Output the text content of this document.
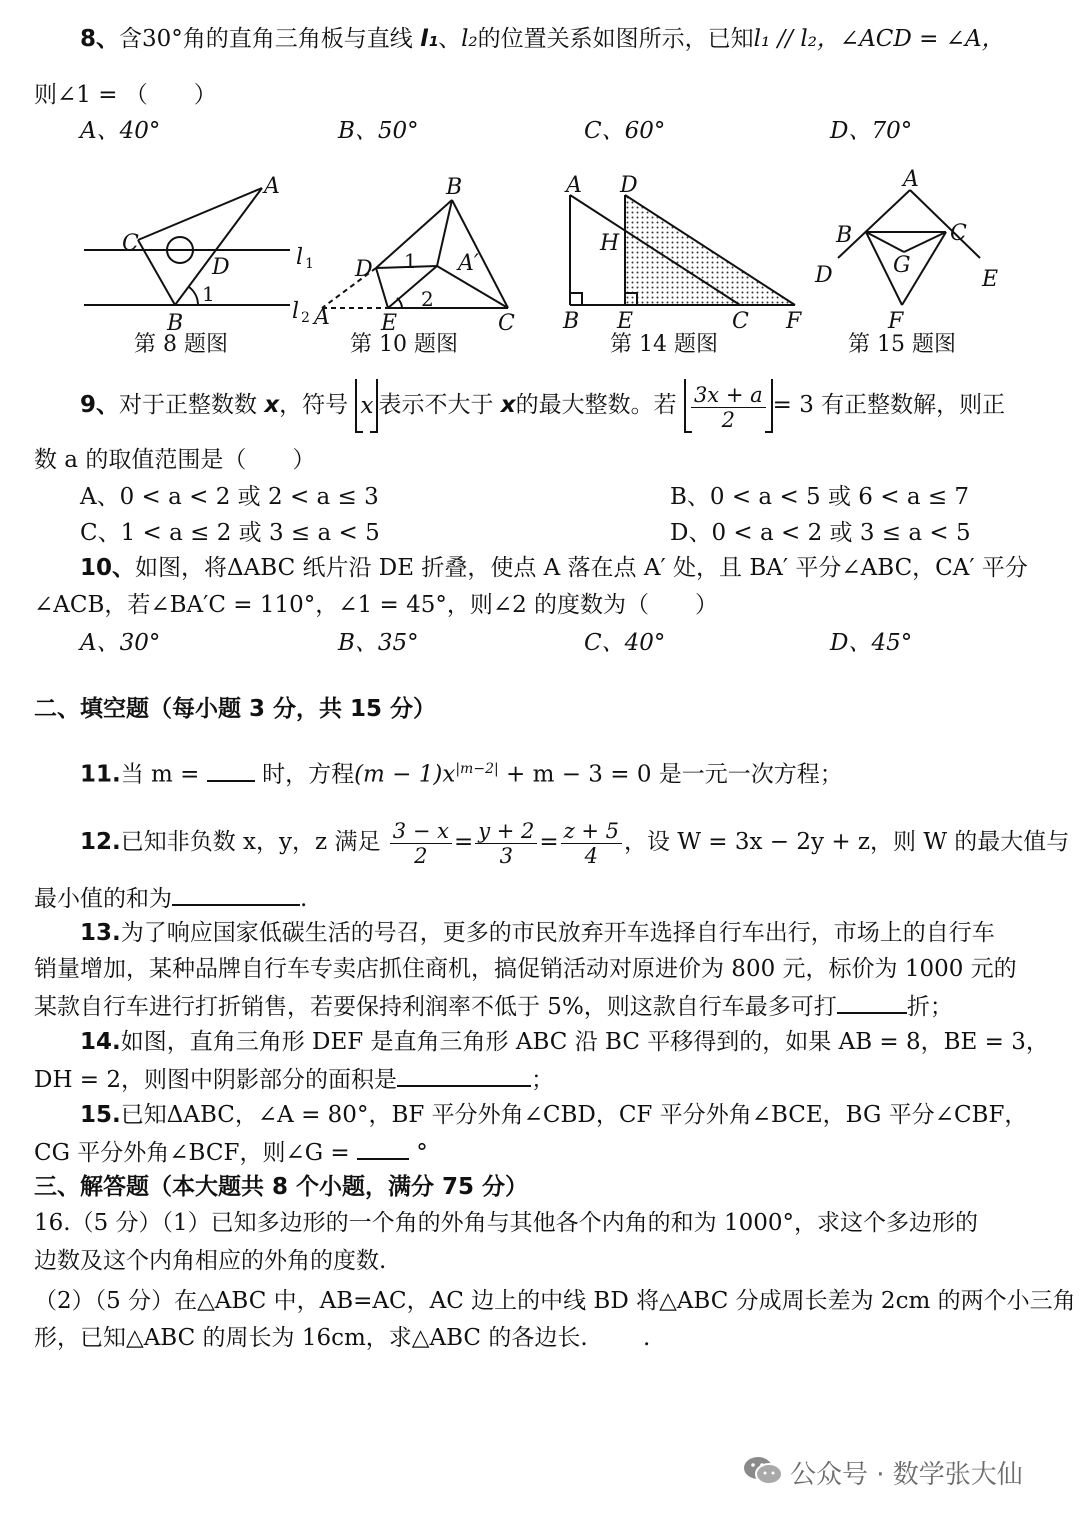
8、含30°角的直角三角板与直线 l₁、l₂的位置关系如图所示，已知l₁ // l₂，∠ACD = ∠A，
则∠1 = （　　）
A、40°	B、50°	C、60°	D、70°
A
C
D
1
B
l 1
l 2
B
D 1 A′
2
A E	C
A D
H
B E	C F
A
B	C
G
D	E
F
第 8 题图	第 10 题图	第 14 题图	第 15 题图
9、对于正整数数 x，符号 x 表示不大于 x的最大整数。若 $\frac{3x + a}{2} = 3$ 有正整数解，则正
数 a 的取值范围是（　　）
A、0 < a < 2 或 2 < a ≤ 3	B、0 < a < 5 或 6 < a ≤ 7
C、1 < a ≤ 2 或 3 ≤ a < 5	D、0 < a < 2 或 3 ≤ a < 5
10、如图，将ΔABC 纸片沿 DE 折叠，使点 A 落在点 A′ 处，且 BA′ 平分∠ABC，CA′ 平分
∠ACB，若∠BA′C = 110°，∠1 = 45°，则∠2 的度数为（　　）
A、30°	B、35°	C、40°	D、45°
二、填空题（每小题 3 分，共 15 分）
11.当 m =	时，方程$(m - 1)x^{|m-2|} + m - 3 = 0$ 是一元一次方程；
12.已知非负数 x，y，z 满足 $\frac{3 - x}{2} = \frac{y + 2}{3} = \frac{z + 5}{4}$ ，设 W = 3x − 2y + z，则 W 的最大值与
最小值的和为	.
13.为了响应国家低碳生活的号召，更多的市民放弃开车选择自行车出行，市场上的自行车
销量增加，某种品牌自行车专卖店抓住商机，搞促销活动对原进价为 800 元，标价为 1000 元的
某款自行车进行打折销售，若要保持利润率不低于 5%，则这款自行车最多可打	折；
14.如图，直角三角形 DEF 是直角三角形 ABC 沿 BC 平移得到的，如果 AB = 8，BE = 3，
DH = 2，则图中阴影部分的面积是	；
15.已知ΔABC，∠A = 80°，BF 平分外角∠CBD，CF 平分外角∠BCE，BG 平分∠CBF，
CG 平分外角∠BCF，则∠G =	°
三、解答题（本大题共 8 个小题，满分 75 分）
16.（5 分）（1）已知多边形的一个角的外角与其他各个内角的和为 1000°，求这个多边形的
边数及这个内角相应的外角的度数.
（2）（5 分）在△ABC 中，AB=AC，AC 边上的中线 BD 将△ABC 分成周长差为 2cm 的两个小三角
形，已知△ABC 的周长为 16cm，求△ABC 的各边长. .
公众号 · 数学张大仙
